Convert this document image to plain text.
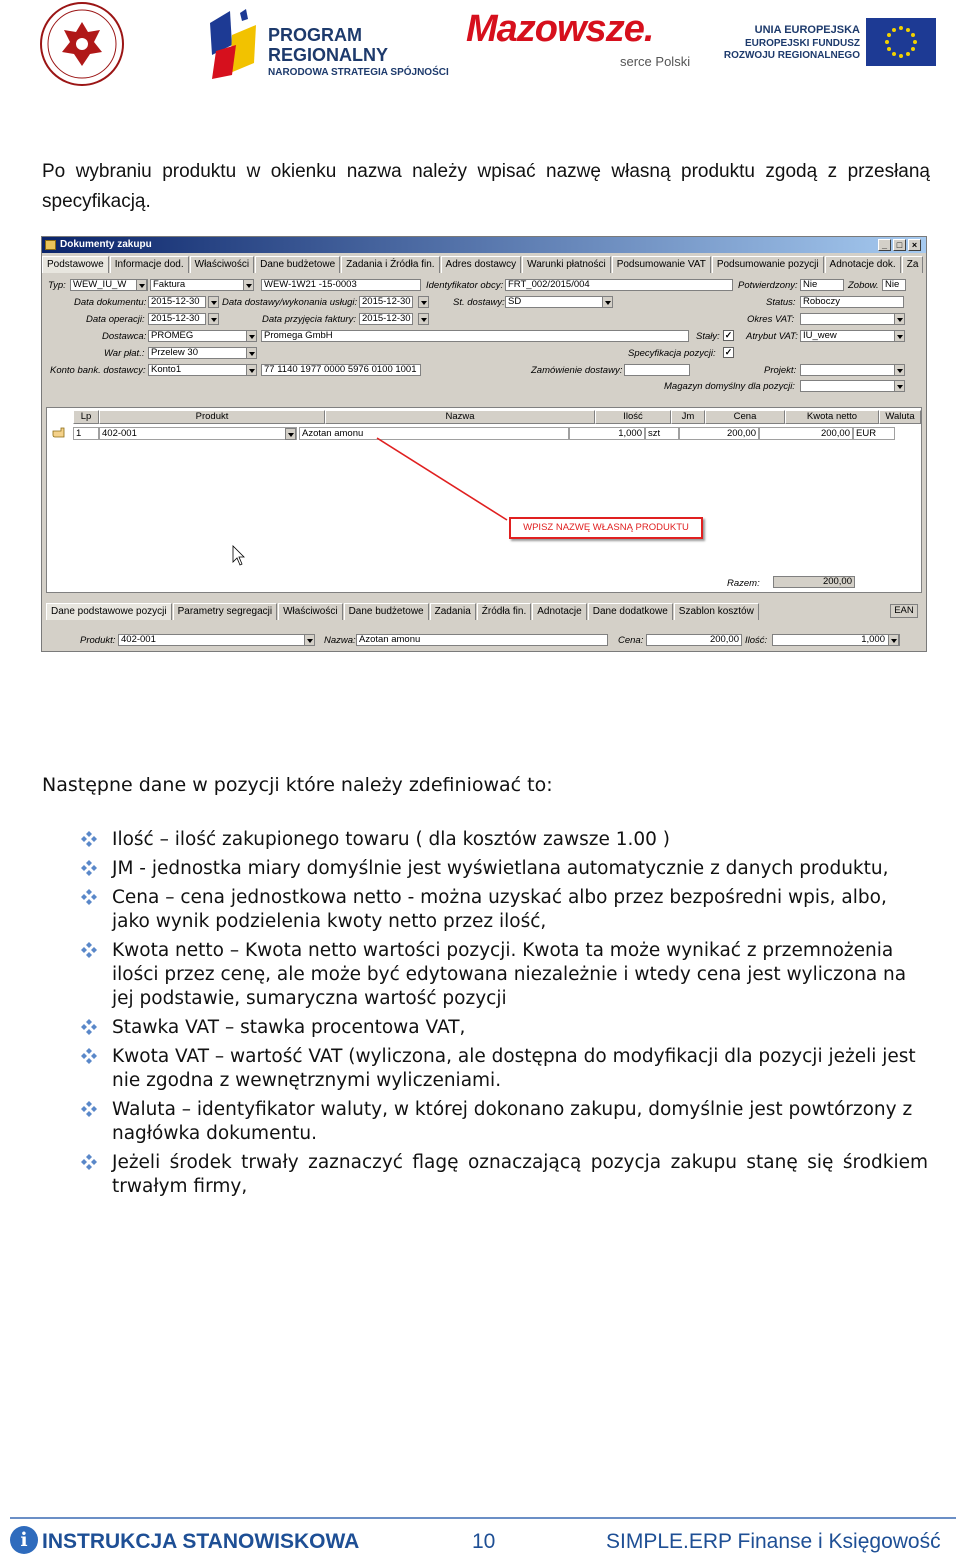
PROGRAM
REGIONALNY
NARODOWA STRATEGIA SPÓJNOŚCI
Mazowsze.
serce Polski
UNIA EUROPEJSKA
EUROPEJSKI FUNDUSZ
ROZWOJU REGIONALNEGO
Po wybraniu produktu w okienku nazwa należy wpisać nazwę własną produktu zgodą z przesłaną specyfikacją.
Dokumenty zakupu	_	□	×
Podstawowe Informacje dod. Właściwości Dane budżetowe Zadania i Źródła fin. Adres dostawcy Warunki płatności Podsumowanie VAT Podsumowanie pozycji Adnotacje dok. Za
Typ: WEW_IU_W	Faktura	WEW-1W21 -15-0003	Identyfikator obcy: FRT_002/2015/004	Potwierdzony: Nie	Zobow. Nie
Data dokumentu: 2015-12-30	Data dostawy/wykonania usługi: 2015-12-30	St. dostawy: SD	Status: Roboczy
Data operacji: 2015-12-30	Data przyjęcia faktury: 2015-12-30	Okres VAT:
Dostawca: PROMEG	Promega GmbH	Stały: ✓ Atrybut VAT: IU_wew
War płat.: Przelew 30	Specyfikacja pozycji: ✓
Konto bank. dostawcy: Konto1	77 1140 1977 0000 5976 0100 1001	Zamówienie dostawy:	Projekt:
Magazyn domyślny dla pozycji:
Lp	Produkt	Nazwa	Ilość	Jm	Cena	Kwota netto	Waluta
1	402-001	Azotan amonu	1,000 szt	200,00	200,00 EUR
WPISZ NAZWĘ WŁASNĄ PRODUKTU
Razem:	200,00
Dane podstawowe pozycji Parametry segregacji Właściwości Dane budżetowe Zadania Źródła fin. Adnotacje Dane dodatkowe Szablon kosztów	EAN
Produkt: 402-001	Nazwa: Azotan amonu	Cena:	200,00 Ilość:	1,000
Następne dane w pozycji które należy zdefiniować to:
Ilość – ilość zakupionego towaru ( dla kosztów zawsze 1.00 )
JM - jednostka miary domyślnie jest wyświetlana automatycznie z danych produktu,
Cena – cena jednostkowa netto - można uzyskać albo przez bezpośredni wpis, albo, jako wynik podzielenia kwoty netto przez ilość,
Kwota netto – Kwota netto wartości pozycji. Kwota ta może wynikać z przemnożenia ilości przez cenę, ale może być edytowana niezależnie i wtedy cena jest wyliczona na jej podstawie, sumaryczna wartość pozycji
Stawka VAT – stawka procentowa VAT,
Kwota VAT – wartość VAT (wyliczona, ale dostępna do modyfikacji dla pozycji jeżeli jest nie zgodna z wewnętrznymi wyliczeniami.
Waluta – identyfikator waluty, w której dokonano zakupu, domyślnie jest powtórzony z nagłówka dokumentu.
Jeżeli środek trwały zaznaczyć flagę oznaczającą pozycja zakupu stanę się środkiem trwałym firmy,
i INSTRUKCJA STANOWISKOWA	10	SIMPLE.ERP Finanse i Księgowość
